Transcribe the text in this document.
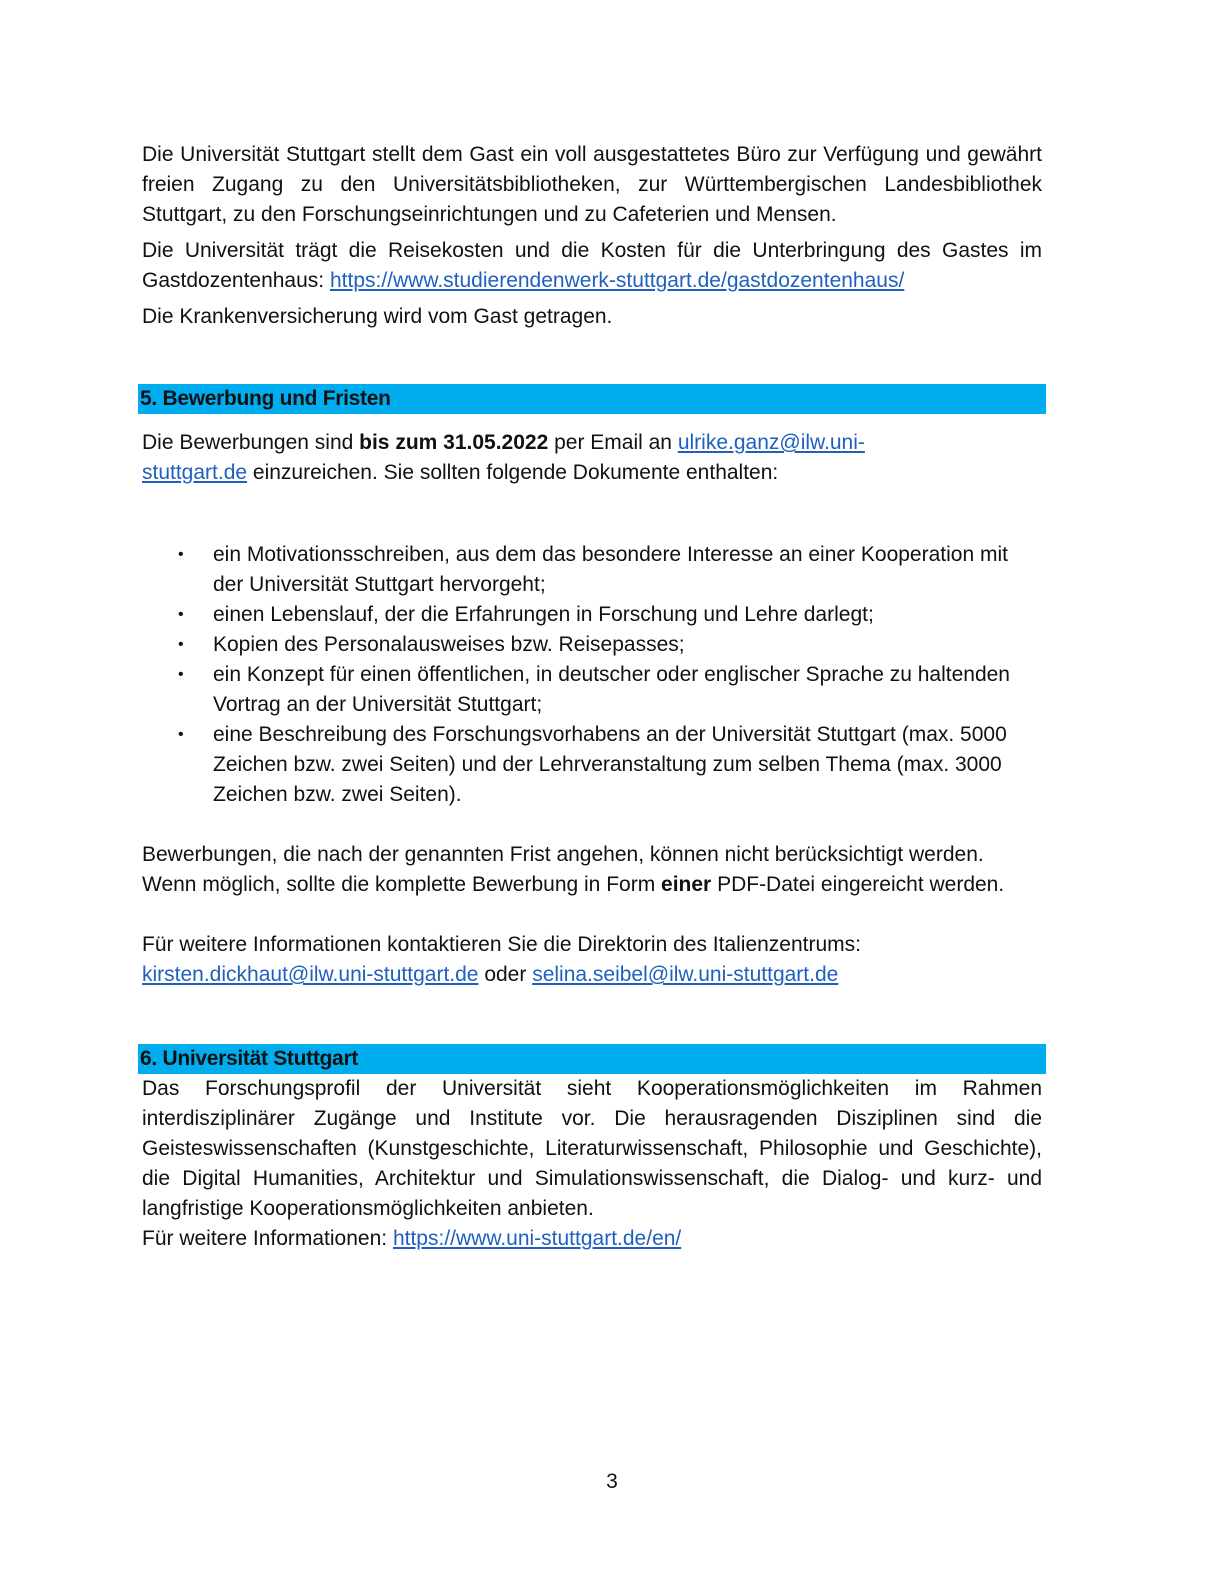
Die Universität Stuttgart stellt dem Gast ein voll ausgestattetes Büro zur Verfügung und gewährt freien Zugang zu den Universitätsbibliotheken, zur Württembergischen Landesbibliothek Stuttgart, zu den Forschungseinrichtungen und zu Cafeterien und Mensen.

Die Universität trägt die Reisekosten und die Kosten für die Unterbringung des Gastes im Gastdozentenhaus: https://www.studierendenwerk-stuttgart.de/gastdozentenhaus/

Die Krankenversicherung wird vom Gast getragen.

5. Bewerbung und Fristen

Die Bewerbungen sind bis zum 31.05.2022 per Email an ulrike.ganz@ilw.uni-
stuttgart.de einzureichen. Sie sollten folgende Dokumente enthalten:

• ein Motivationsschreiben, aus dem das besondere Interesse an einer Kooperation mit der Universität Stuttgart hervorgeht;
• einen Lebenslauf, der die Erfahrungen in Forschung und Lehre darlegt;
• Kopien des Personalausweises bzw. Reisepasses;
• ein Konzept für einen öffentlichen, in deutscher oder englischer Sprache zu haltenden Vortrag an der Universität Stuttgart;
• eine Beschreibung des Forschungsvorhabens an der Universität Stuttgart (max. 5000 Zeichen bzw. zwei Seiten) und der Lehrveranstaltung zum selben Thema (max. 3000 Zeichen bzw. zwei Seiten).

Bewerbungen, die nach der genannten Frist angehen, können nicht berücksichtigt werden. Wenn möglich, sollte die komplette Bewerbung in Form einer PDF-Datei eingereicht werden.

Für weitere Informationen kontaktieren Sie die Direktorin des Italienzentrums:
kirsten.dickhaut@ilw.uni-stuttgart.de oder selina.seibel@ilw.uni-stuttgart.de

6. Universität Stuttgart

Das Forschungsprofil der Universität sieht Kooperationsmöglichkeiten im Rahmen interdisziplinärer Zugänge und Institute vor. Die herausragenden Disziplinen sind die Geisteswissenschaften (Kunstgeschichte, Literaturwissenschaft, Philosophie und Geschichte), die Digital Humanities, Architektur und Simulationswissenschaft, die Dialog- und kurz- und langfristige Kooperationsmöglichkeiten anbieten.

Für weitere Informationen: https://www.uni-stuttgart.de/en/

3
